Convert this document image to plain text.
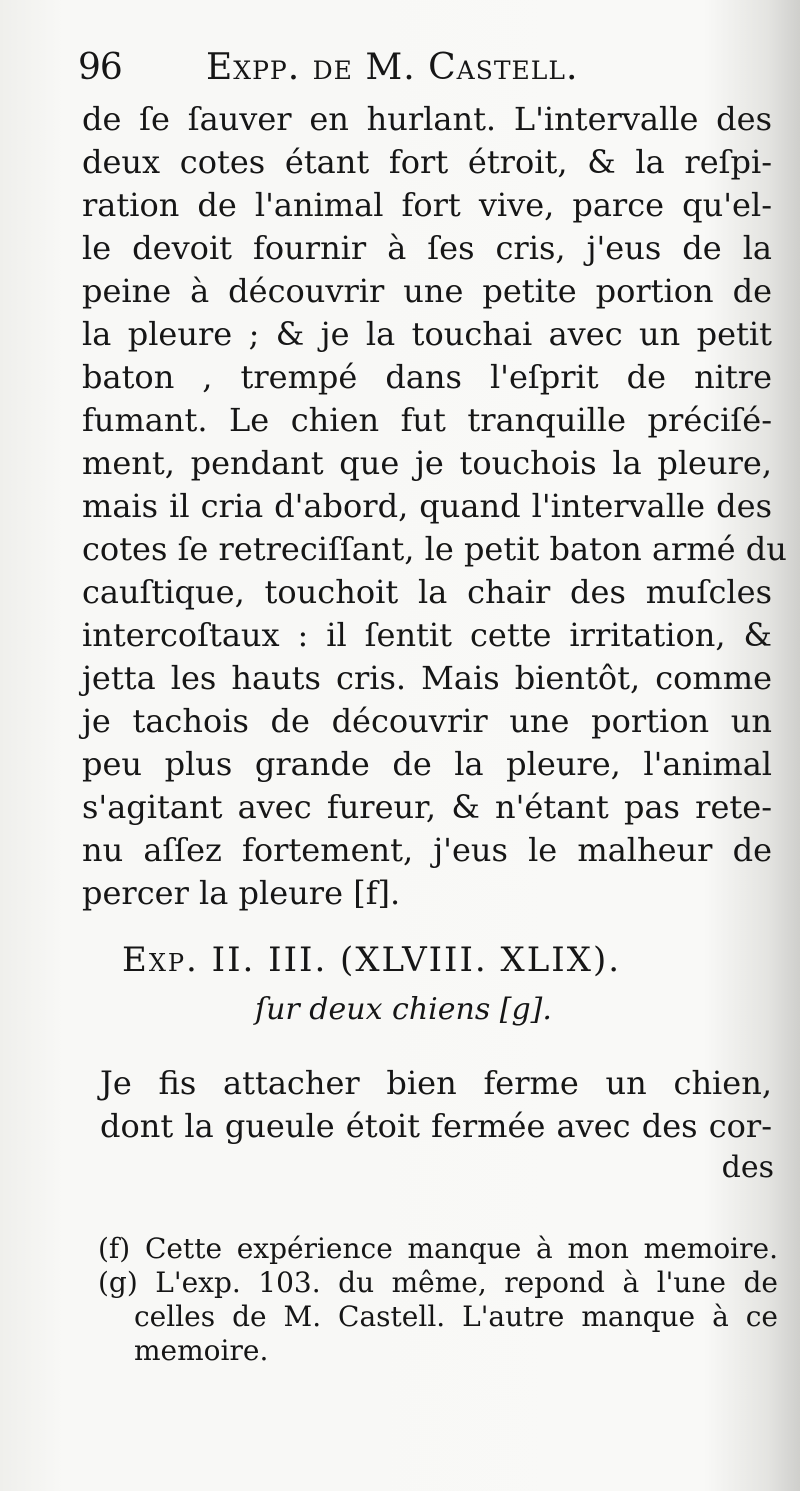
96 Expp. de M. Castell.
de ſe ſauver en hurlant. L'intervalle des
deux cotes étant fort étroit, & la reſpi-
ration de l'animal fort vive, parce qu'el-
le devoit fournir à ſes cris, j'eus de la
peine à découvrir une petite portion de
la pleure ; & je la touchai avec un petit
baton , trempé dans l'eſprit de nitre
fumant. Le chien fut tranquille préciſé-
ment, pendant que je touchois la pleure,
mais il cria d'abord, quand l'intervalle des
cotes ſe retreciſſant, le petit baton armé du
cauſtique, touchoit la chair des muſcles
intercoſtaux : il ſentit cette irritation, &
jetta les hauts cris. Mais bientôt, comme
je tachois de découvrir une portion un
peu plus grande de la pleure, l'animal
s'agitant avec fureur, & n'étant pas rete-
nu aſſez fortement, j'eus le malheur de
percer la pleure [f].
Exp. II. III. (XLVIII. XLIX).
ſur deux chiens [g].
Je fis attacher bien ferme un chien,
dont la gueule étoit fermée avec des cor-
des
(f) Cette expérience manque à mon memoire.
(g) L'exp. 103. du même, repond à l'une de
celles de M. Castell. L'autre manque à ce
memoire.
